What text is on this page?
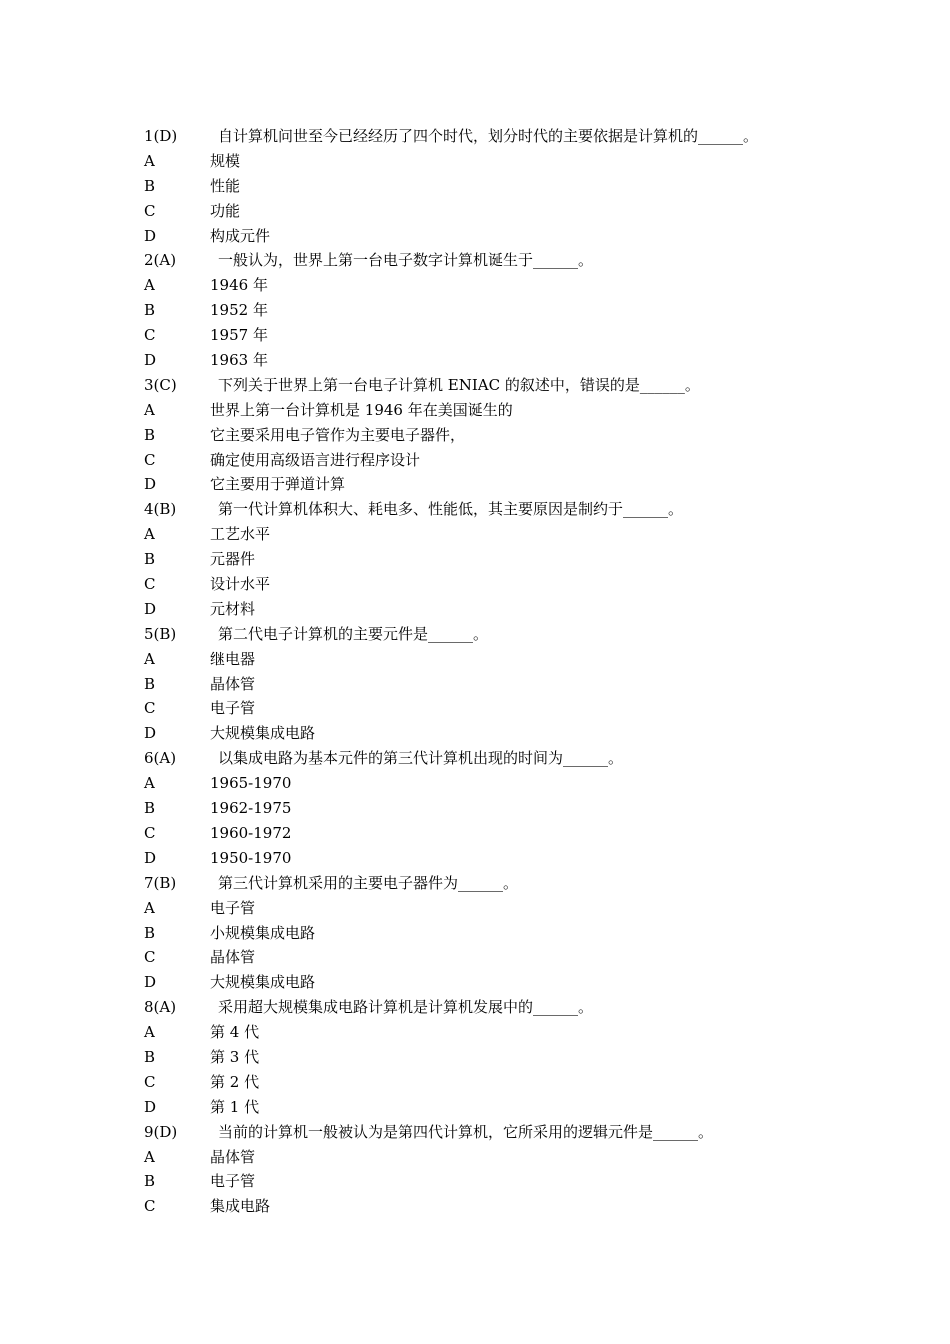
1(D)	自计算机问世至今已经经历了四个时代，划分时代的主要依据是计算机的______。
A	规模
B	性能
C	功能
D	构成元件
2(A)	一般认为，世界上第一台电子数字计算机诞生于______。
A	1946 年
B	1952 年
C	1957 年
D	1963 年
3(C)	下列关于世界上第一台电子计算机 ENIAC 的叙述中，错误的是______。
A	世界上第一台计算机是 1946 年在美国诞生的
B	它主要采用电子管作为主要电子器件，
C	确定使用高级语言进行程序设计
D	它主要用于弹道计算
4(B)	第一代计算机体积大、耗电多、性能低，其主要原因是制约于______。
A	工艺水平
B	元器件
C	设计水平
D	元材料
5(B)	第二代电子计算机的主要元件是______。
A	继电器
B	晶体管
C	电子管
D	大规模集成电路
6(A)	以集成电路为基本元件的第三代计算机出现的时间为______。
A	1965-1970
B	1962-1975
C	1960-1972
D	1950-1970
7(B)	第三代计算机采用的主要电子器件为______。
A	电子管
B	小规模集成电路
C	晶体管
D	大规模集成电路
8(A)	采用超大规模集成电路计算机是计算机发展中的______。
A	第 4 代
B	第 3 代
C	第 2 代
D	第 1 代
9(D)	当前的计算机一般被认为是第四代计算机，它所采用的逻辑元件是______。
A	晶体管
B	电子管
C	集成电路
